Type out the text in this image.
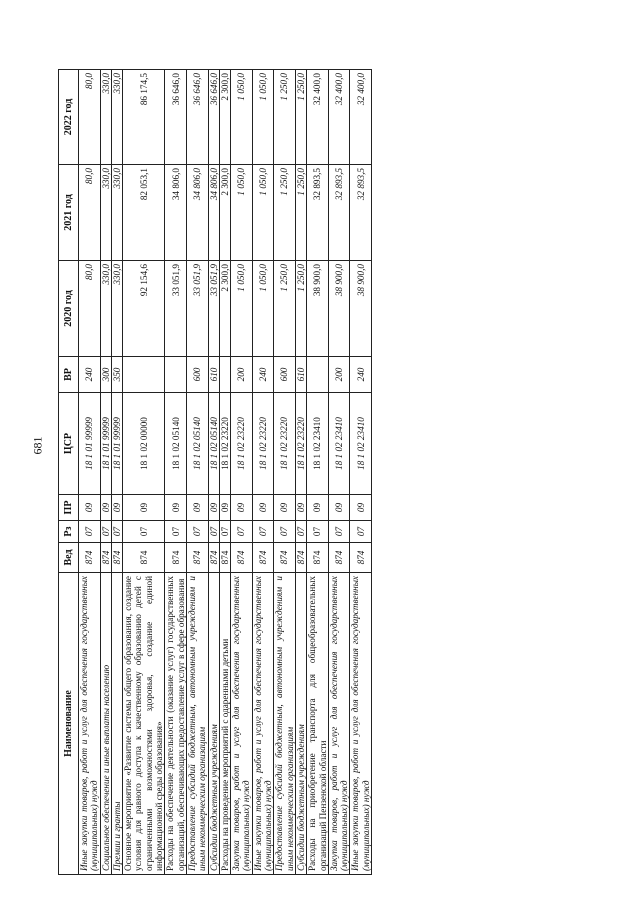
681
Наименование	Вед	Рз	ПР	ЦСР	ВР	2020 год	2021 год	2022 год
Иные закупки товаров, работ и услуг для обеспечения государственных (муниципальных) нужд	874	07	09	18 1 01 99999	240	80,0	80,0	80,0
Социальное обеспечение и иные выплаты населению	874	07	09	18 1 01 99999	300	330,0	330,0	330,0
Премии и гранты	874	07	09	18 1 01 99999	350	330,0	330,0	330,0
Основное мероприятие «Развитие системы общего образования, создание условия для равного доступа к качественному образованию детей с ограниченными возможностями здоровья, создание единой информационной среды образования»	874	07	09	18 1 02 00000		92 154,6	82 053,1	86 174,5
Расходы на обеспечение деятельности (оказание услуг) государственных организаций, обеспечивающих предоставление услуг в сфере образования	874	07	09	18 1 02 05140		33 051,9	34 806,0	36 646,0
Предоставление субсидий бюджетным, автономным учреждениям и иным некоммерческим организациям	874	07	09	18 1 02 05140	600	33 051,9	34 806,0	36 646,0
Субсидии бюджетным учреждениям	874	07	09	18 1 02 05140	610	33 051,9	34 806,0	36 646,0
Расходы на проведение мероприятий с одаренными детьми	874	07	09	18 1 02 23220		2 300,0	2 300,0	2 300,0
Закупка товаров, работ и услуг для обеспечения государственных (муниципальных) нужд	874	07	09	18 1 02 23220	200	1 050,0	1 050,0	1 050,0
Иные закупки товаров, работ и услуг для обеспечения государственных (муниципальных) нужд	874	07	09	18 1 02 23220	240	1 050,0	1 050,0	1 050,0
Предоставление субсидий бюджетным, автономным учреждениям и иным некоммерческим организациям	874	07	09	18 1 02 23220	600	1 250,0	1 250,0	1 250,0
Субсидии бюджетным учреждениям	874	07	09	18 1 02 23220	610	1 250,0	1 250,0	1 250,0
Расходы на приобретение транспорта для общеобразовательных организаций Пензенской области	874	07	09	18 1 02 23410		38 900,0	32 893,5	32 400,0
Закупка товаров, работ и услуг для обеспечения государственных (муниципальных) нужд	874	07	09	18 1 02 23410	200	38 900,0	32 893,5	32 400,0
Иные закупки товаров, работ и услуг для обеспечения государственных (муниципальных) нужд	874	07	09	18 1 02 23410	240	38 900,0	32 893,5	32 400,0
